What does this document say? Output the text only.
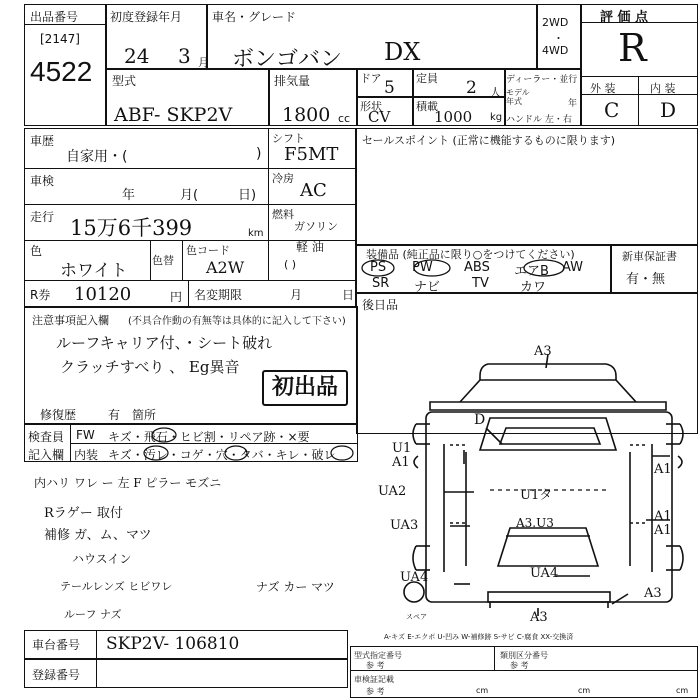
出品番号
[2147]
4522
初度登録年月
24 3 月
車名・グレード
ボンゴバン DX
2WD
・
4WD
評 価 点
R
外 装	内 装
C D
型式
ABF- SKP2V
排気量
1800 cc
ドア 5 定員 2 人
形状
CV
積載
1000 kg
ディーラー・並行
モデル年式	年
ハンドル 左・右
車歴
自家用・(	)
シフト
F5MT
車検
年	月(	日)
冷房
AC
走行 15万6千399	km
燃料
ガソリン
軽 油
( )
色
ホワイト
色替
色コード
A2W
R券 10120	円 名変期限	月	日
セールスポイント (正常に機能するものに限ります)
装備品 (純正品に限り○をつけてください)
PS	PW	ABS	エアB	AW
SR	ナビ	TV	カワ
新車保証書
有・無
後日品
注意事項記入欄 (不具合作動の有無等は具体的に記入して下さい)
ルーフキャリア付、・シート破れ
クラッチすべり 、 Eg異音
初出品
修復歴	有 箇所
検査員
記入欄
FW キズ・飛石・ヒビ割・リペア跡・×要
内装 キズ・汚レ・コゲ・穴・タバ・キレ・破レ
内ハリ ワレ ー 左 F ピラー モズニ
Rラゲー 取付
補修 ガ、ム、マツ
ハウスイン
テールレンズ ヒビワレ
ルーフ ナズ
ナズ カー マツ
A3
D
U1
A1
UA2	U1タ
A1
A1
A1
UA3	A3.U3
UA4	UA4
A3
A3
スペア
A-キズ E-エクボ U-凹み W-補修跡 S-サビ C-腐食 XX-交換済
車台番号 SKP2V- 106810
登録番号
型式指定番号
参 考
類別区分番号
参 考
車検証記載
参 考	cm	cm	cm
